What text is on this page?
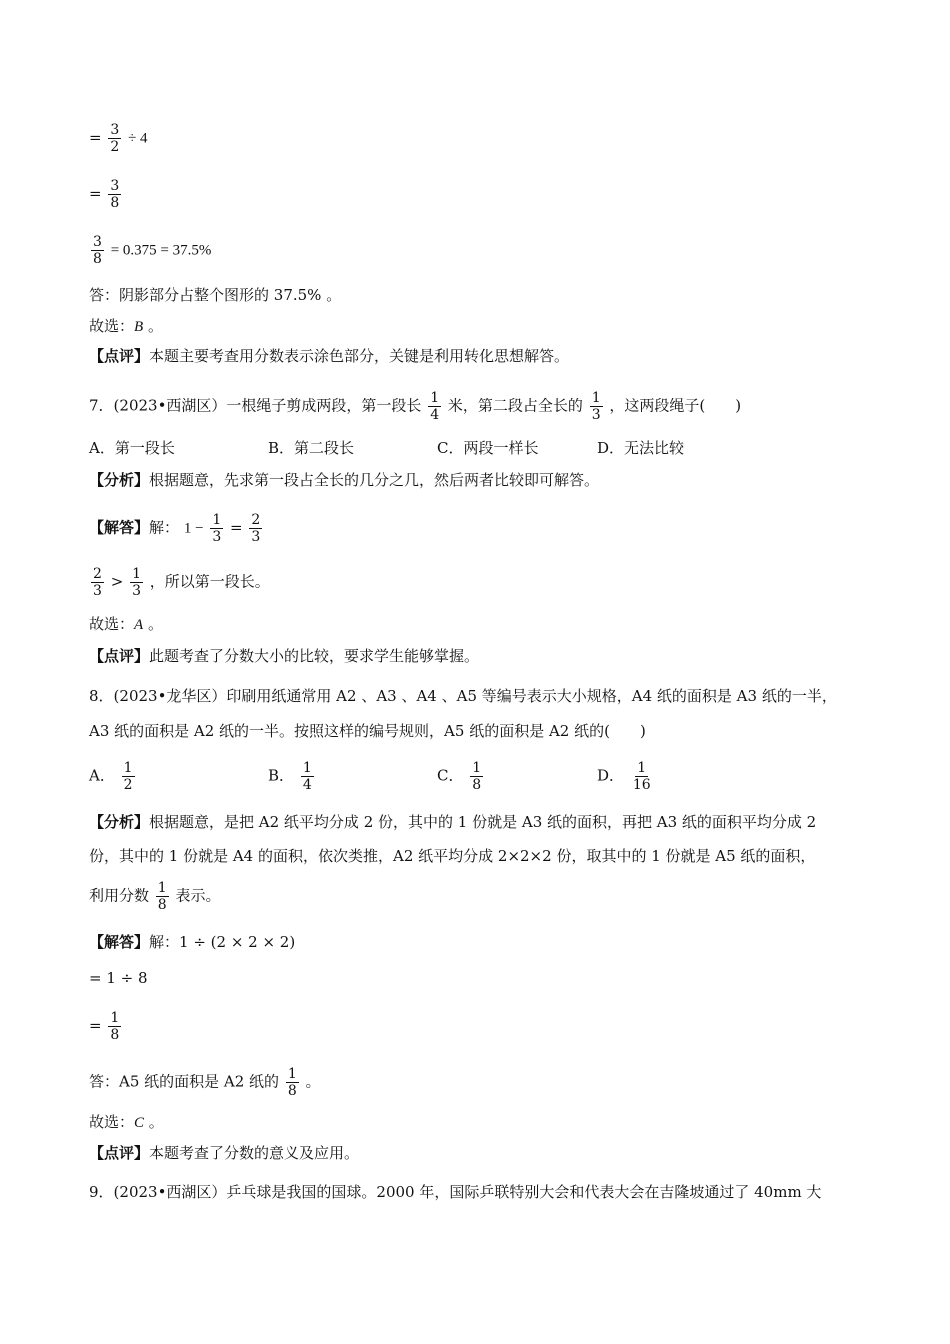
= $\frac{3}{2} \div 4$
= $\frac{3}{8}$
$\frac{3}{8} = 0.375 = 37.5\%$
答：阴影部分占整个图形的 37.5% 。
故选：B 。
【点评】本题主要考查用分数表示涂色部分，关键是利用转化思想解答。
7．(2023•西湖区）一根绳子剪成两段，第一段长 $\frac{1}{4}$ 米，第二段占全长的 $\frac{1}{3}$ ，这两段绳子(　　)
A．第一段长	B．第二段长	C．两段一样长	D．无法比较
【分析】根据题意，先求第一段占全长的几分之几，然后两者比较即可解答。
【解答】解： $1 - \frac{1}{3} = \frac{2}{3}$
$\frac{2}{3} > \frac{1}{3}$ ，所以第一段长。
故选：A 。
【点评】此题考查了分数大小的比较，要求学生能够掌握。
8．(2023•龙华区）印刷用纸通常用 A2 、A3 、A4 、A5 等编号表示大小规格，A4 纸的面积是 A3 纸的一半，
A3 纸的面积是 A2 纸的一半。按照这样的编号规则，A5 纸的面积是 A2 纸的(　　)
A． $\frac{1}{2}$	B． $\frac{1}{4}$	C． $\frac{1}{8}$	D． $\frac{1}{16}$
【分析】根据题意，是把 A2 纸平均分成 2 份，其中的 1 份就是 A3 纸的面积，再把 A3 纸的面积平均分成 2
份，其中的 1 份就是 A4 的面积，依次类推，A2 纸平均分成 2×2×2 份，取其中的 1 份就是 A5 纸的面积，
利用分数 $\frac{1}{8}$ 表示。
【解答】解：1 ÷ (2 × 2 × 2)
= 1 ÷ 8
= $\frac{1}{8}$
答：A5 纸的面积是 A2 纸的 $\frac{1}{8}$ 。
故选：C 。
【点评】本题考查了分数的意义及应用。
9．(2023•西湖区）乒乓球是我国的国球。2000 年，国际乒联特别大会和代表大会在吉隆坡通过了 40mm 大
